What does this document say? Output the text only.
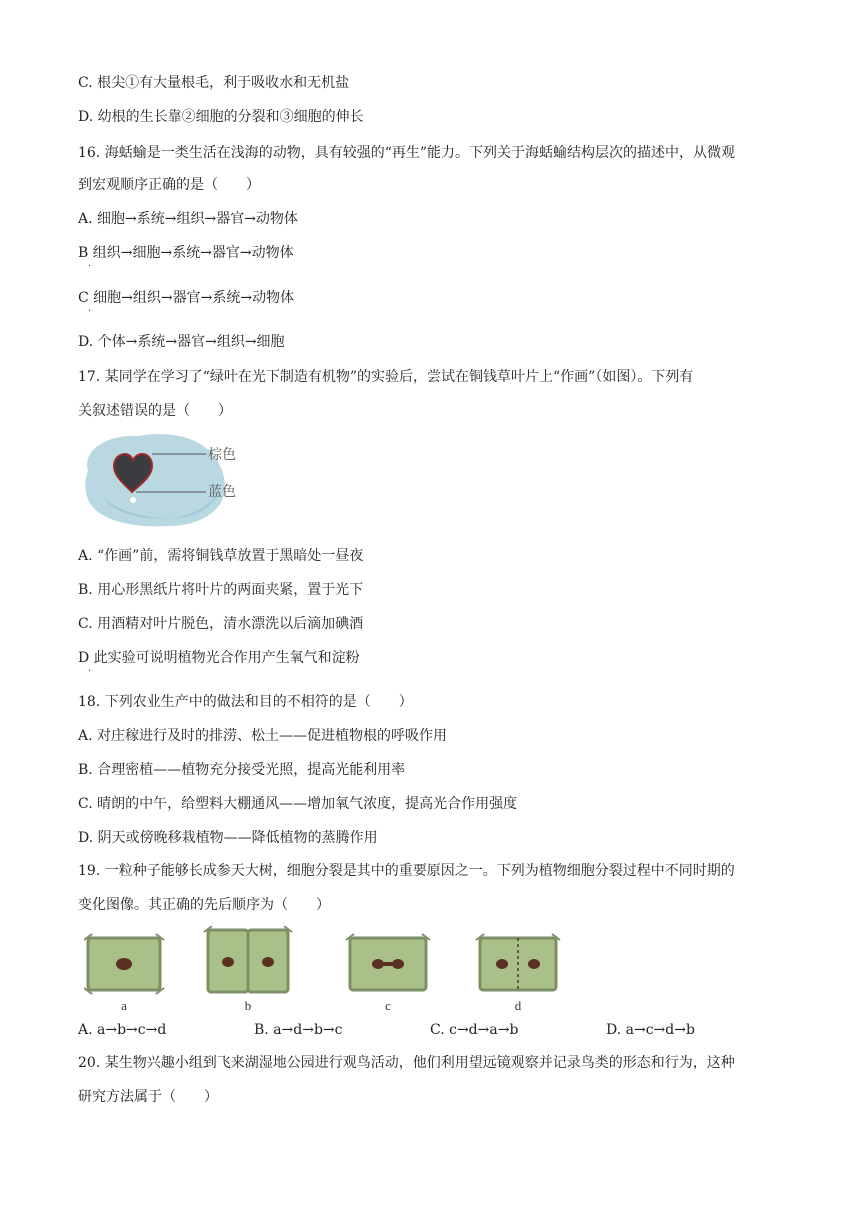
C. 根尖①有大量根毛，利于吸收水和无机盐
D. 幼根的生长靠②细胞的分裂和③细胞的伸长
16. 海蛞蝓是一类生活在浅海的动物，具有较强的“再生”能力。下列关于海蛞蝓结构层次的描述中，从微观
到宏观顺序正确的是（　　）
A. 细胞→系统→组织→器官→动物体
B 组织→细胞→系统→器官→动物体
·
C 细胞→组织→器官→系统→动物体
·
D. 个体→系统→器官→组织→细胞
17. 某同学在学习了“绿叶在光下制造有机物”的实验后，尝试在铜钱草叶片上“作画”（如图）。下列有
关叙述错误的是（　　）
棕色
蓝色
A. “作画”前，需将铜钱草放置于黑暗处一昼夜
B. 用心形黑纸片将叶片的两面夹紧，置于光下
C. 用酒精对叶片脱色，清水漂洗以后滴加碘酒
D 此实验可说明植物光合作用产生氧气和淀粉
·
18. 下列农业生产中的做法和目的不相符的是（　　）
A. 对庄稼进行及时的排涝、松土——促进植物根的呼吸作用
B. 合理密植——植物充分接受光照，提高光能利用率
C. 晴朗的中午，给塑料大棚通风——增加氧气浓度，提高光合作用强度
D. 阴天或傍晚移栽植物——降低植物的蒸腾作用
19. 一粒种子能够长成参天大树，细胞分裂是其中的重要原因之一。下列为植物细胞分裂过程中不同时期的
变化图像。其正确的先后顺序为（　　）
a	b	c	d
A. a→b→c→d	B. a→d→b→c	C. c→d→a→b	D. a→c→d→b
20. 某生物兴趣小组到飞来湖湿地公园进行观鸟活动，他们利用望远镜观察并记录鸟类的形态和行为，这种
研究方法属于（　　）
